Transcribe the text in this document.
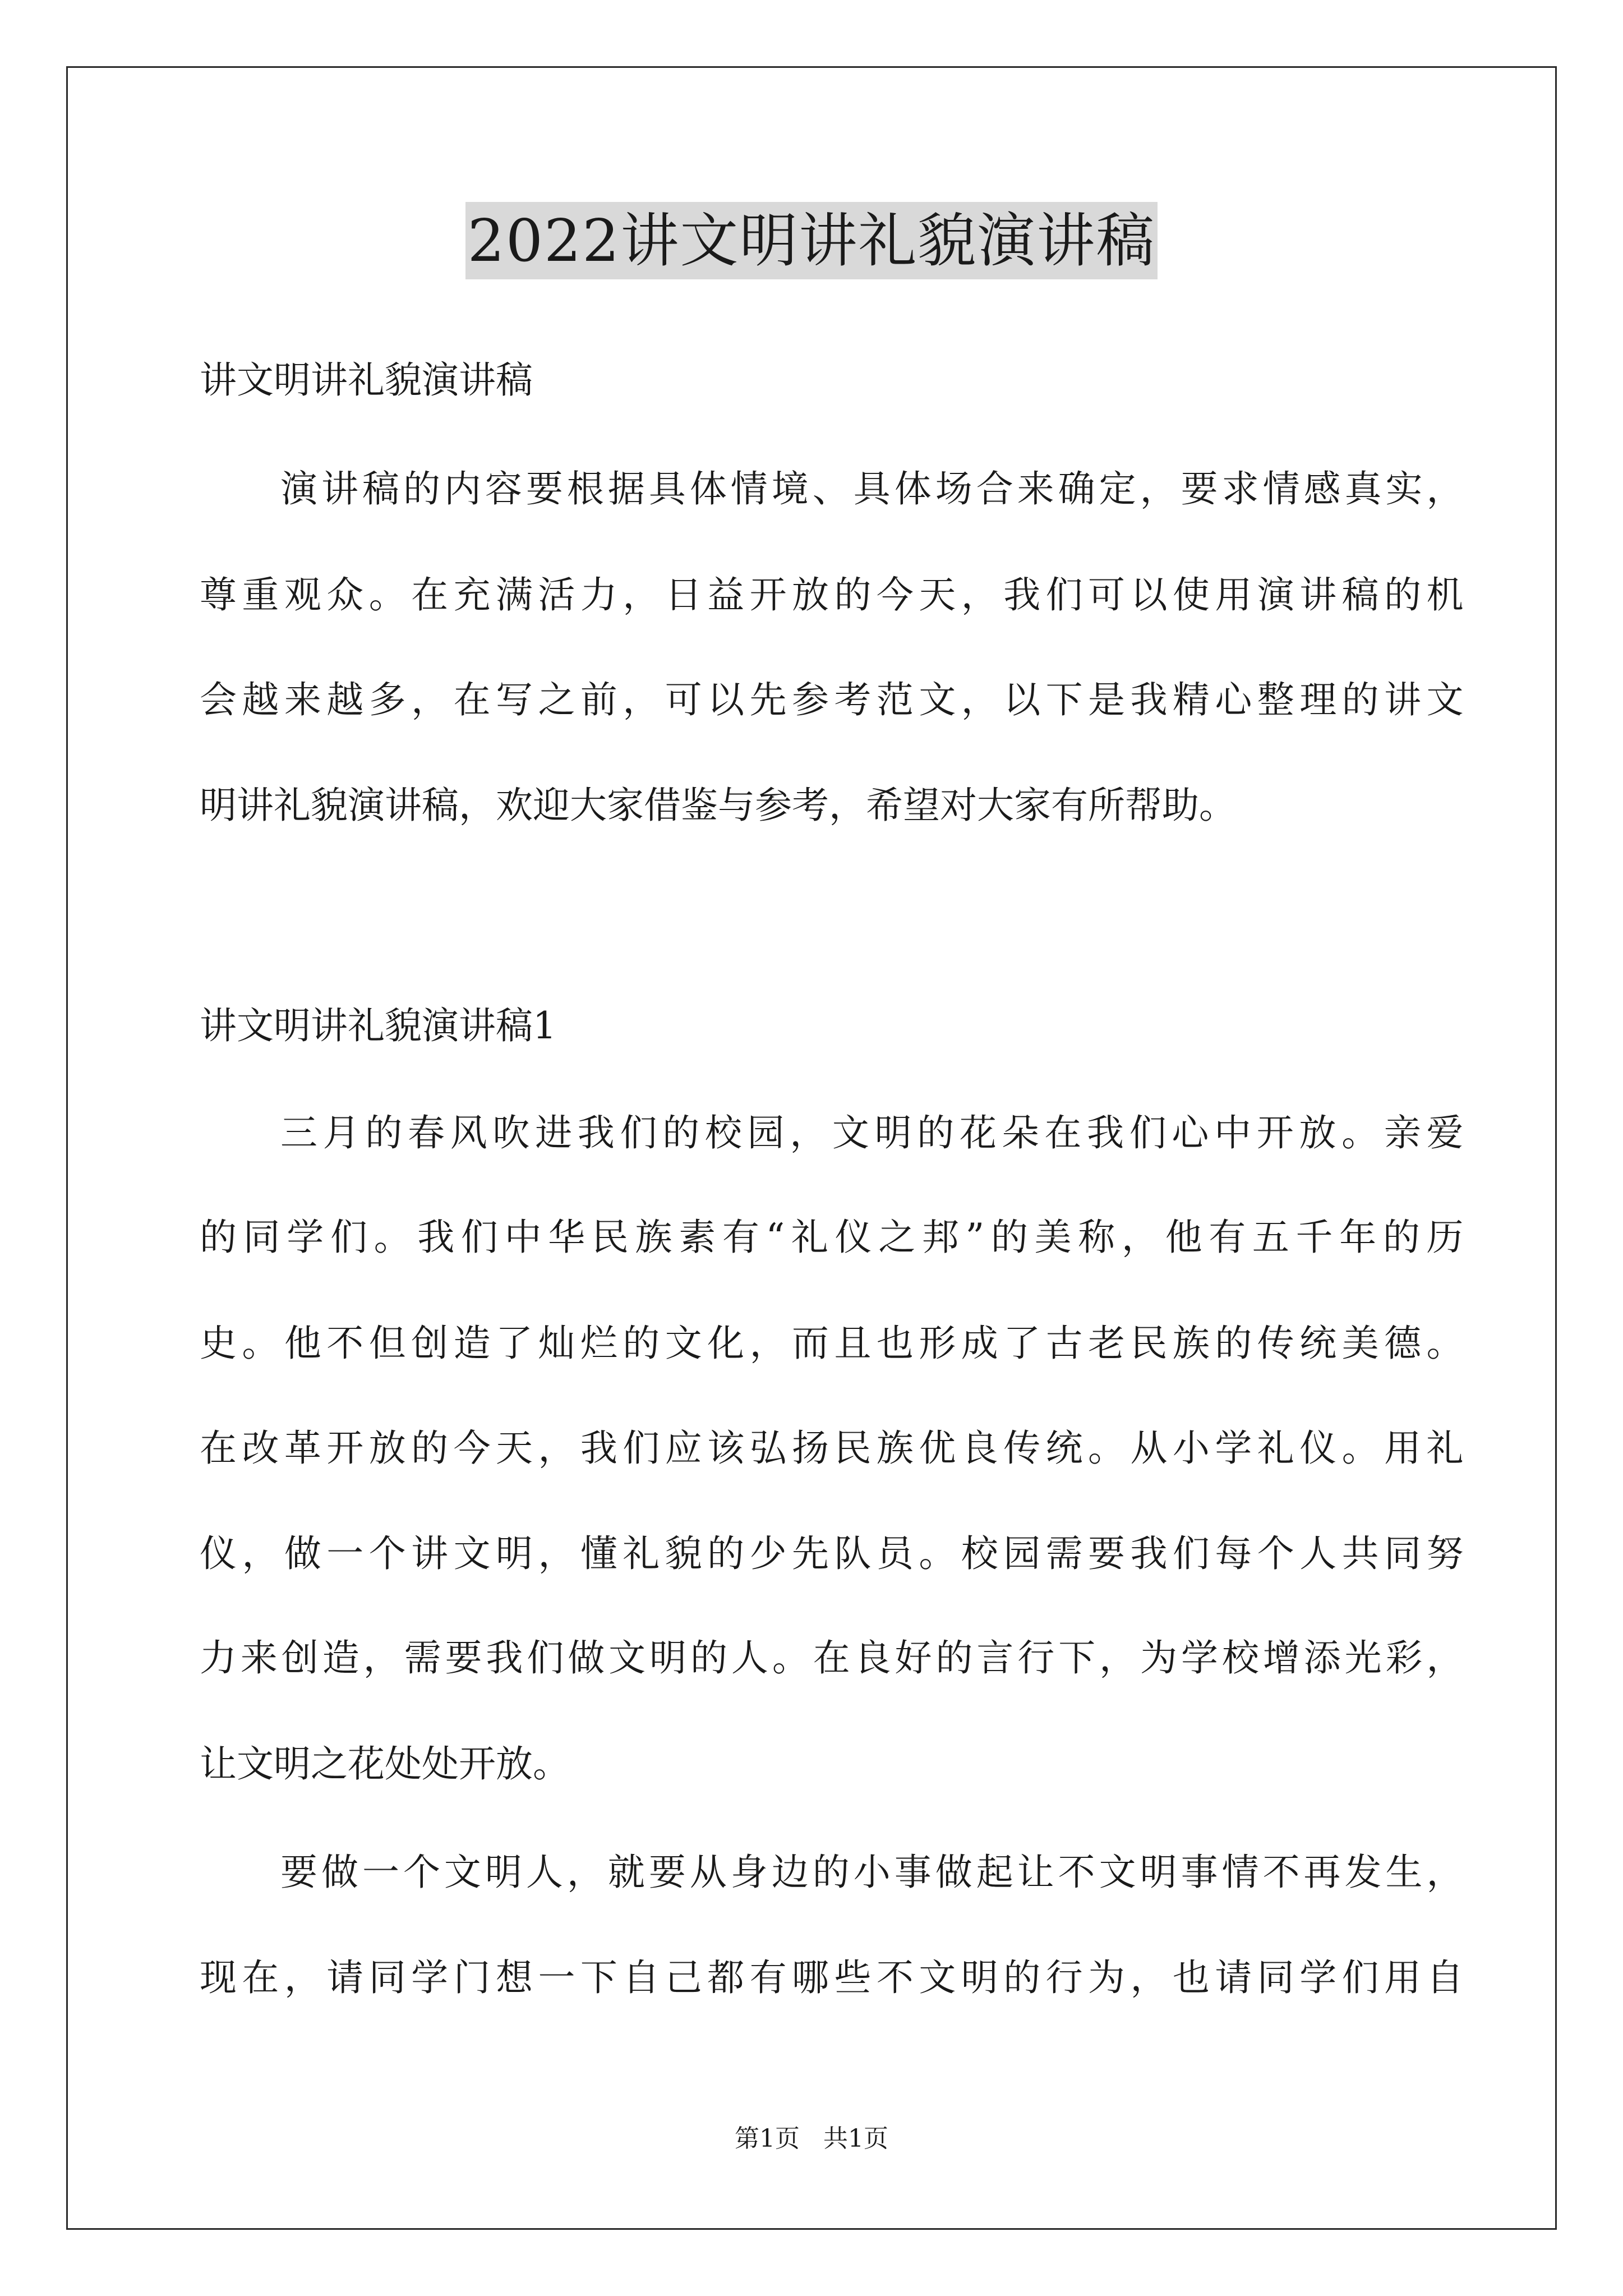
2022讲文明讲礼貌演讲稿
讲文明讲礼貌演讲稿
演讲稿的内容要根据具体情境、具体场合来确定，要求情感真实，
尊重观众。在充满活力，日益开放的今天，我们可以使用演讲稿的机
会越来越多，在写之前，可以先参考范文，以下是我精心整理的讲文
明讲礼貌演讲稿，欢迎大家借鉴与参考，希望对大家有所帮助。
讲文明讲礼貌演讲稿1
三月的春风吹进我们的校园，文明的花朵在我们心中开放。亲爱
的同学们。我们中华民族素有“礼仪之邦”的美称，他有五千年的历
史。他不但创造了灿烂的文化，而且也形成了古老民族的传统美德。
在改革开放的今天，我们应该弘扬民族优良传统。从小学礼仪。用礼
仪，做一个讲文明，懂礼貌的少先队员。校园需要我们每个人共同努
力来创造，需要我们做文明的人。在良好的言行下，为学校增添光彩，
让文明之花处处开放。
要做一个文明人，就要从身边的小事做起让不文明事情不再发生，
现在，请同学门想一下自己都有哪些不文明的行为，也请同学们用自
第1页 共1页
